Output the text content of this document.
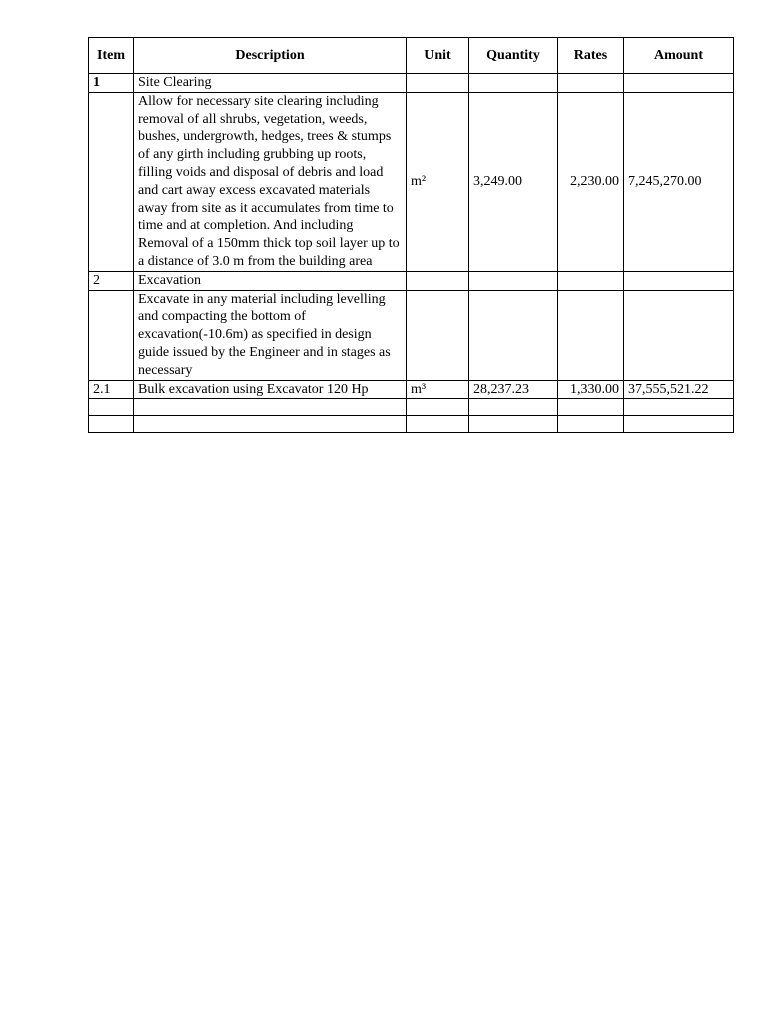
Item	Description	Unit	Quantity	Rates	Amount
1	Site Clearing				
	Allow for necessary site clearing including removal of all shrubs, vegetation, weeds, bushes, undergrowth, hedges, trees & stumps of any girth including grubbing up roots, filling voids and disposal of debris and load and cart away excess excavated materials away from site as it accumulates from time to time and at completion. And including Removal of a 150mm thick top soil layer up to a distance of 3.0 m from the building area	m²	3,249.00	2,230.00	7,245,270.00
2	Excavation				
	Excavate in any material including levelling and compacting the bottom of excavation(-10.6m) as specified in design guide issued by the Engineer and in stages as necessary				
2.1	Bulk excavation using Excavator 120 Hp	m³	28,237.23	1,330.00	37,555,521.22
